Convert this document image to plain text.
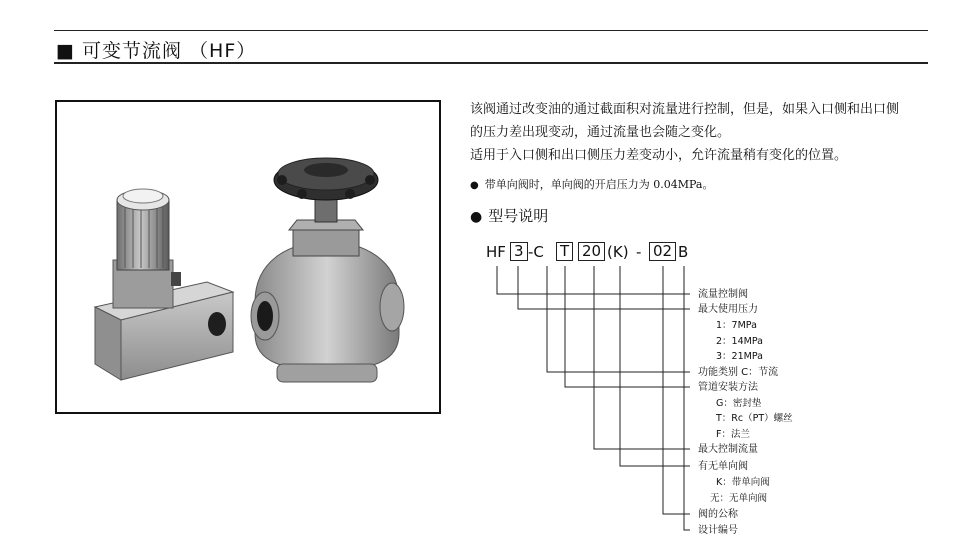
■ 可变节流阀 （HF）

该阀通过改变油的通过截面积对流量进行控制，但是，如果入口侧和出口侧

的压力差出现变动，通过流量也会随之变化。

适用于入口侧和出口侧压力差变动小，允许流量稍有变化的位置。

● 带单向阀时，单向阀的开启压力为 0.04MPa。
● 型号说明
HF 3 -C T 20 (K) - 02 B
流量控制阀
最大使用压力
1：7MPa
2：14MPa
3：21MPa
功能类别 C：节流
管道安装方法
G：密封垫
T：Rc（PT）螺丝
F：法兰
最大控制流量
有无单向阀
K：带单向阀
无：无单向阀
阀的公称
设计编号
